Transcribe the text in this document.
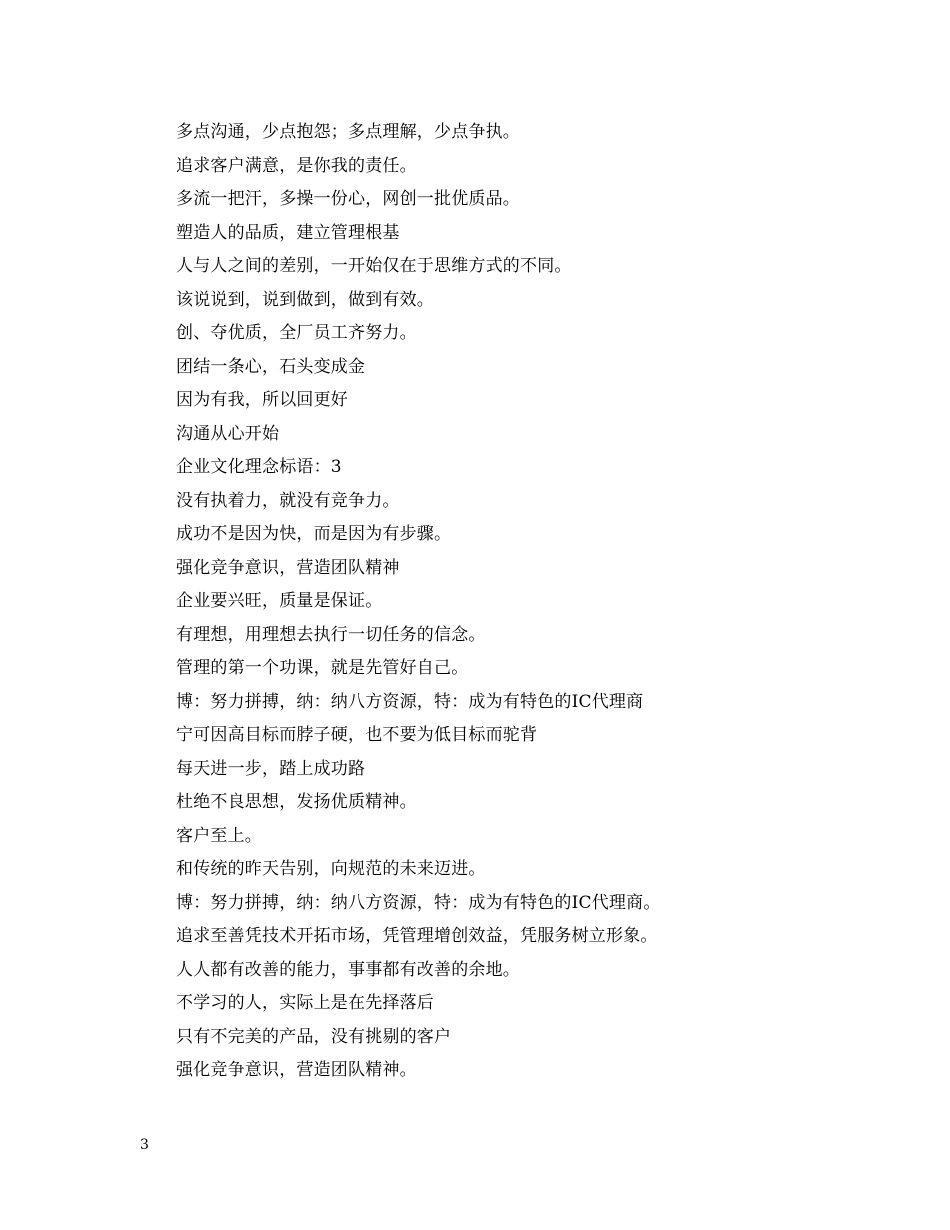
多点沟通，少点抱怨；多点理解，少点争执。
追求客户满意，是你我的责任。
多流一把汗，多操一份心，网创一批优质品。
塑造人的品质，建立管理根基
人与人之间的差别，一开始仅在于思维方式的不同。
该说说到，说到做到，做到有效。
创、夺优质，全厂员工齐努力。
团结一条心，石头变成金
因为有我，所以回更好
沟通从心开始
企业文化理念标语：3
没有执着力，就没有竞争力。
成功不是因为快，而是因为有步骤。
强化竞争意识，营造团队精神
企业要兴旺，质量是保证。
有理想，用理想去执行一切任务的信念。
管理的第一个功课，就是先管好自己。
博：努力拼搏，纳：纳八方资源，特：成为有特色的IC代理商
宁可因高目标而脖子硬，也不要为低目标而驼背
每天进一步，踏上成功路
杜绝不良思想，发扬优质精神。
客户至上。
和传统的昨天告别，向规范的未来迈进。
博：努力拼搏，纳：纳八方资源，特：成为有特色的IC代理商。
追求至善凭技术开拓市场，凭管理增创效益，凭服务树立形象。
人人都有改善的能力，事事都有改善的余地。
不学习的人，实际上是在先择落后
只有不完美的产品，没有挑剔的客户
强化竞争意识，营造团队精神。
3
